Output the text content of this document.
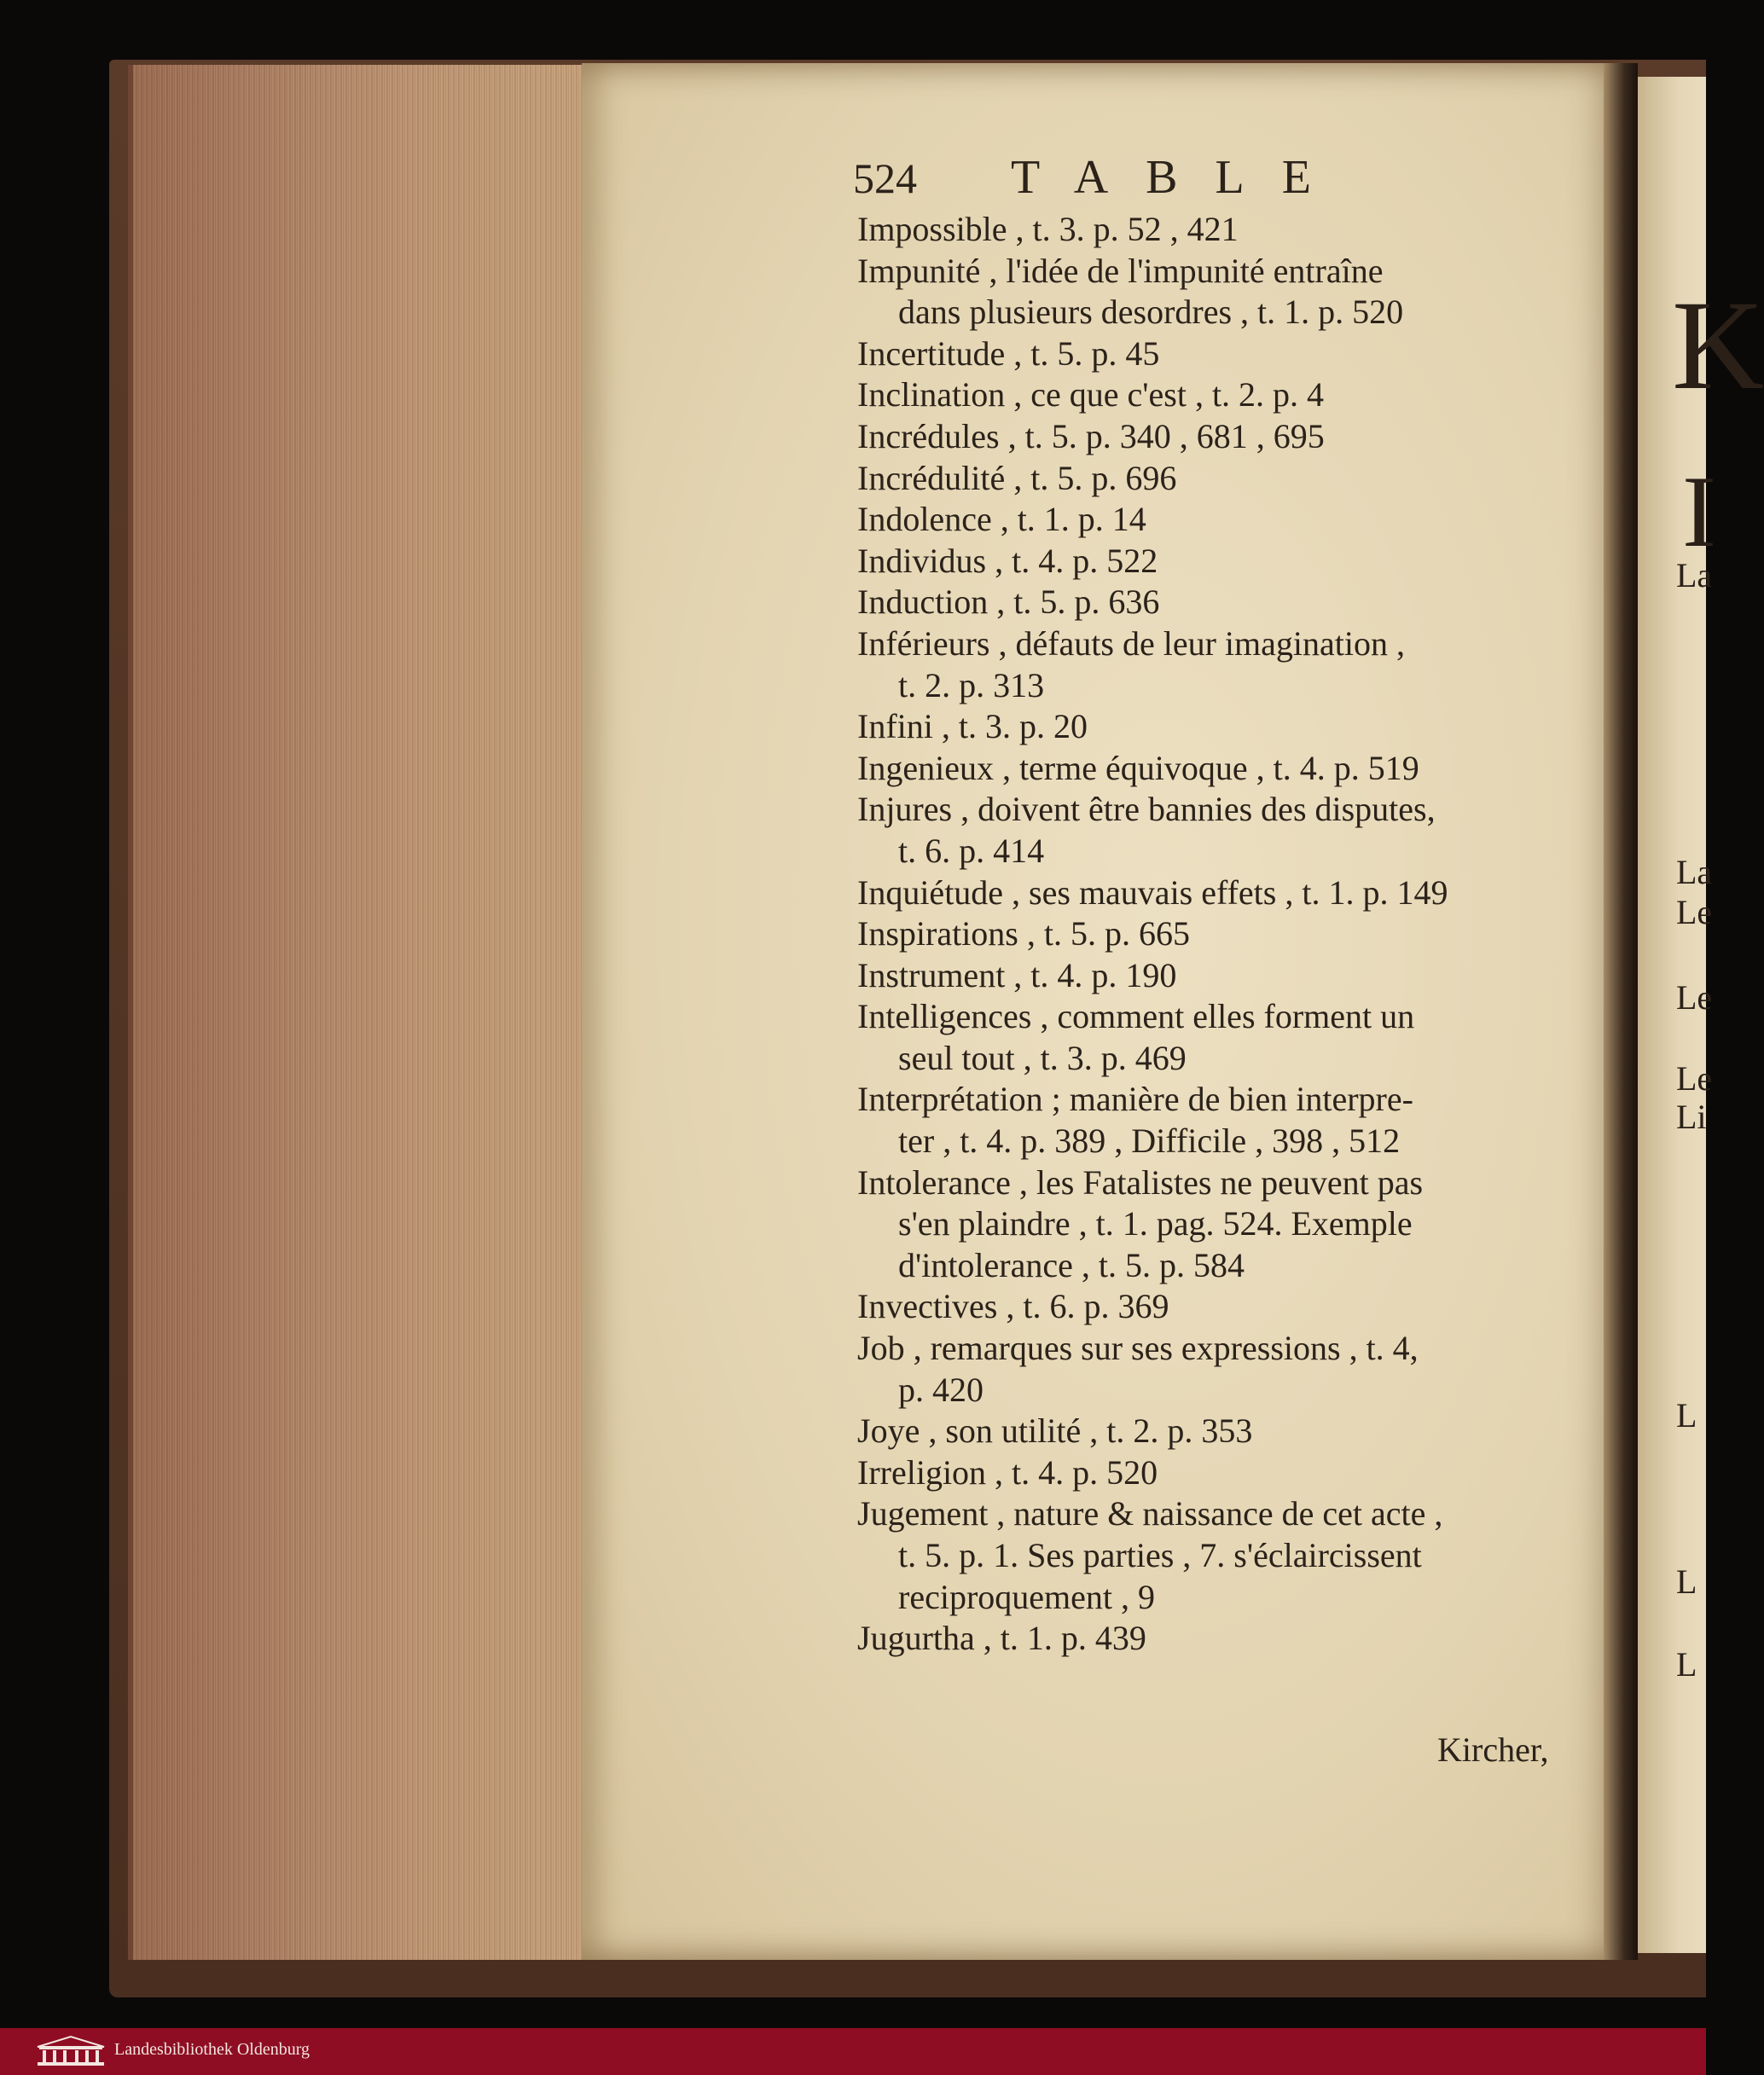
K
I
La
La
Le
Le
Le
Li
L
L
L
524 TABLE
Impossible , t. 3. p. 52 , 421
Impunité , l'idée de l'impunité entraîne
dans plusieurs desordres , t. 1. p. 520
Incertitude , t. 5. p. 45
Inclination , ce que c'est , t. 2. p. 4
Incrédules , t. 5. p. 340 , 681 , 695
Incrédulité , t. 5. p. 696
Indolence , t. 1. p. 14
Individus , t. 4. p. 522
Induction , t. 5. p. 636
Inférieurs , défauts de leur imagination ,
t. 2. p. 313
Infini , t. 3. p. 20
Ingenieux , terme équivoque , t. 4. p. 519
Injures , doivent être bannies des disputes,
t. 6. p. 414
Inquiétude , ses mauvais effets , t. 1. p. 149
Inspirations , t. 5. p. 665
Instrument , t. 4. p. 190
Intelligences , comment elles forment un
seul tout , t. 3. p. 469
Interprétation ; manière de bien interpre-
ter , t. 4. p. 389 , Difficile , 398 , 512
Intolerance , les Fatalistes ne peuvent pas
s'en plaindre , t. 1. pag. 524. Exemple
d'intolerance , t. 5. p. 584
Invectives , t. 6. p. 369
Job , remarques sur ses expressions , t. 4,
p. 420
Joye , son utilité , t. 2. p. 353
Irreligion , t. 4. p. 520
Jugement , nature & naissance de cet acte ,
t. 5. p. 1. Ses parties , 7. s'éclaircissent
reciproquement , 9
Jugurtha , t. 1. p. 439
Kircher,
Landesbibliothek Oldenburg
